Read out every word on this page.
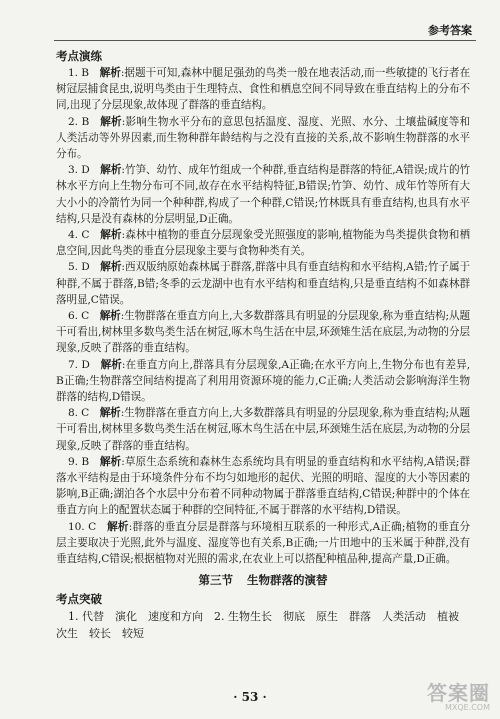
参考答案

考点演练

1. B　 解析:据题干可知,森林中腿足强劲的鸟类一般在地表活动,而一些敏捷的飞行者在树冠层捕食昆虫,说明鸟类由于生理特点、食性和栖息空间不同导致在垂直结构上的分布不同,出现了分层现象,故体现了群落的垂直结构。

2. B　 解析:影响生物水平分布的意思包括温度、湿度、光照、水分、土壤盐碱度等和人类活动等外界因素,而生物种群年龄结构与之没有直接的关系,故不影响生物群落的水平分布。

3. D　 解析:竹笋、幼竹、成年竹组成一个种群,垂直结构是群落的特征,A错误;成片的竹林水平方向上生物分布可不同,故存在水平结构特征,B错误;竹笋、幼竹、成年竹等所有大大小小的冷箭竹为同一个种种群,构成了一个种群,C错误;竹林既具有垂直结构,也具有水平结构,只是没有森林的分层明显,D正确。

4. C　 解析:森林中植物的垂直分层现象受光照强度的影响,植物能为鸟类提供食物和栖息空间,因此鸟类的垂直分层现象主要与食物种类有关。

5. D　 解析:西双版纳原始森林属于群落,群落中具有垂直结构和水平结构,A错;竹子属于种群,不属于群落,B错;冬季的云龙湖中也有水平结构和垂直结构,只是垂直结构不如森林群落明显,C错误。

6. C　 解析:生物群落在垂直方向上,大多数群落具有明显的分层现象,称为垂直结构;从题干可看出,树林里多数鸟类生活在树冠,啄木鸟生活在中层,环颈雉生活在底层,为动物的分层现象,反映了群落的垂直结构。

7. D　 解析:在垂直方向上,群落具有分层现象,A正确;在水平方向上,生物分布也有差异,B正确;生物群落空间结构提高了利用用资源环境的能力,C正确;人类活动会影响海洋生物群落的结构,D错误。

8. C　 解析:生物群落在垂直方向上,大多数群落具有明显的分层现象,称为垂直结构;从题干可看出,树林里多数鸟类生活在树冠,啄木鸟生活在中层,环颈雉生活在底层,为动物的分层现象,反映了群落的垂直结构。

9. B　 解析:草原生态系统和森林生态系统均具有明显的垂直结构和水平结构,A错误;群落水平结构是由于环境条件分布不均匀如地形的起伏、光照的明暗、湿度的大小等因素的影响,B正确;湖泊各个水层中分布着不同种动物属于群落垂直结构,C错误;种群中的个体在垂直方向上的配置状态属于种群的空间特征,不属于群落的水平结构,D错误。

10. C　 解析:群落的垂直分层是群落与环境相互联系的一种形式,A正确;植物的垂直分层主要取决于光照,此外与温度、湿度等也有关系,B正确;一片田地中的玉米属于种群,没有垂直结构,C错误;根据植物对光照的需求,在农业上可以搭配种植品种,提高产量,D正确。

第三节 生物群落的演替

考点突破

1. 代替　演化　速度和方向　2. 生物生长　彻底　原生　群落　人类活动　植被　次生　较长　较短

· 53 ·	答案圈
MXQE.COM
